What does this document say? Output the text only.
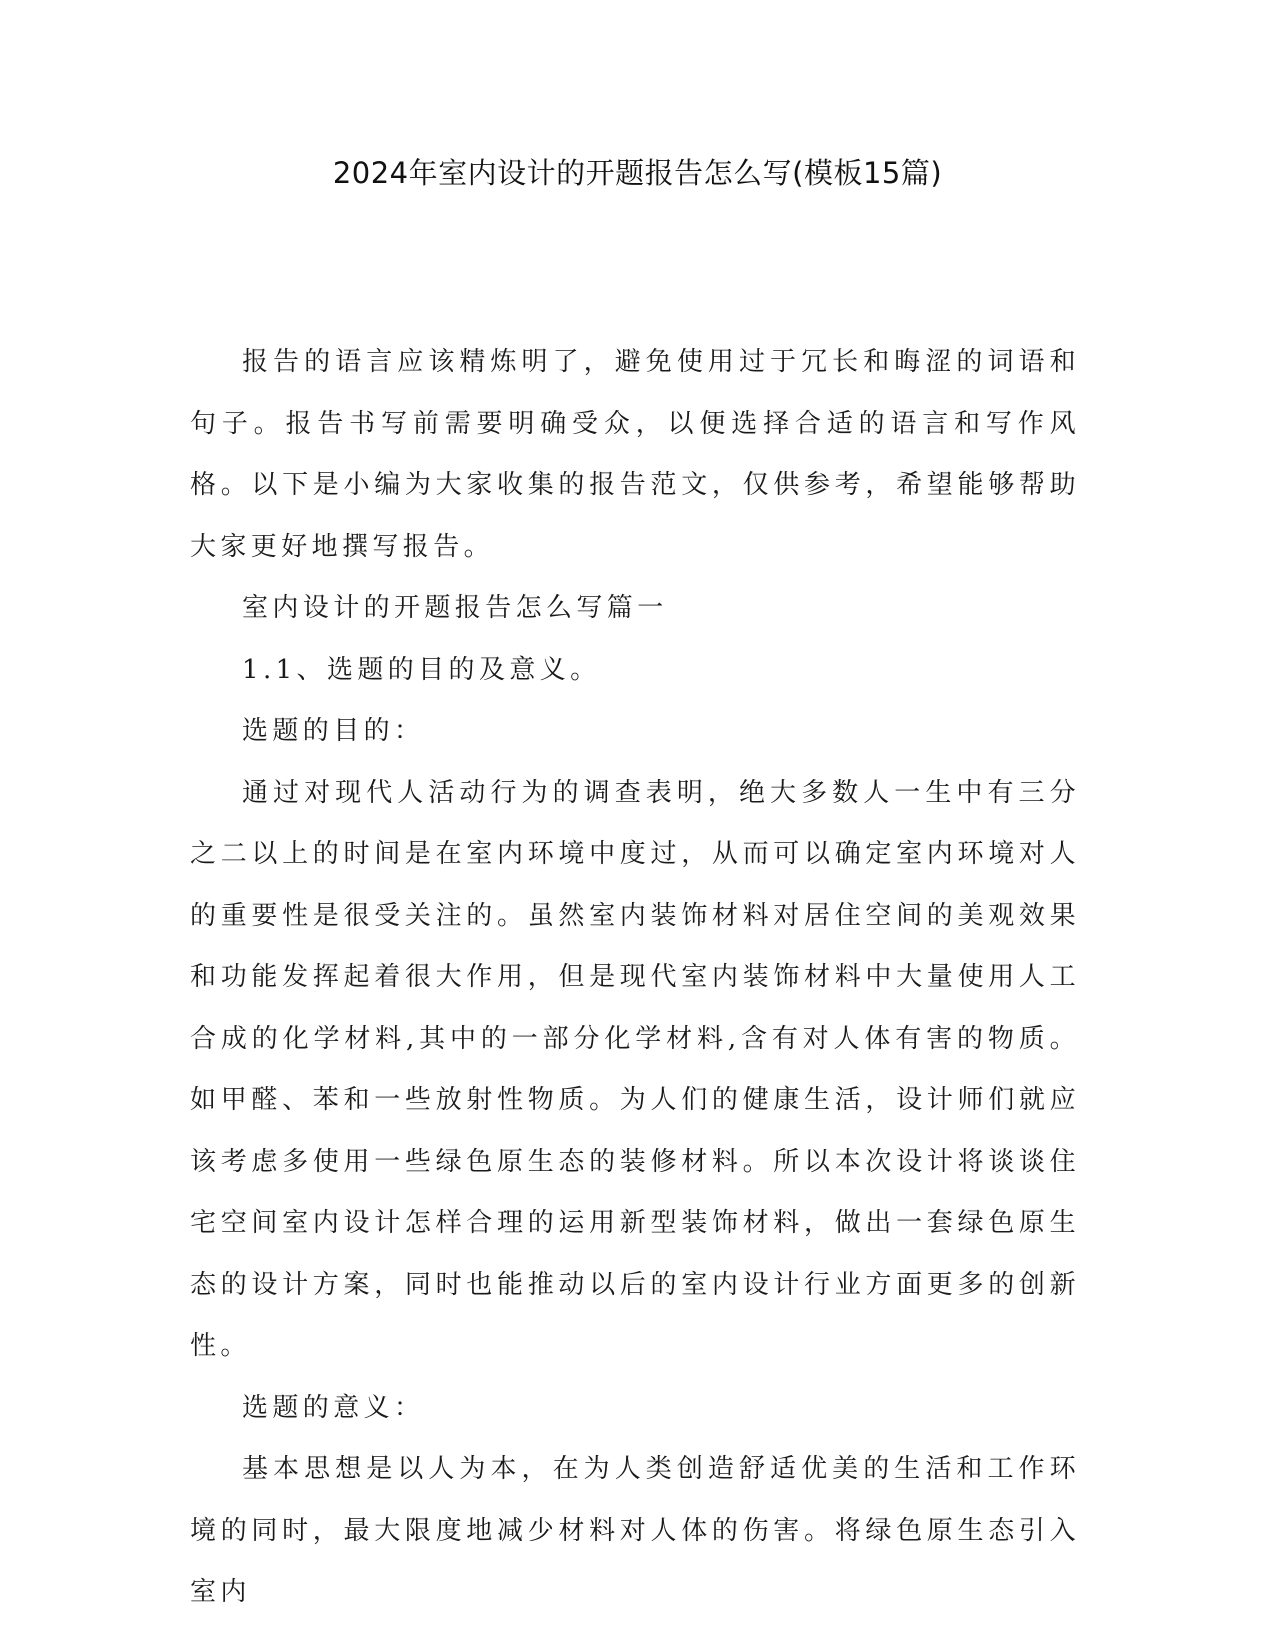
2024年室内设计的开题报告怎么写(模板15篇)

报告的语言应该精炼明了，避免使用过于冗长和晦涩的词语和句子。报告书写前需要明确受众，以便选择合适的语言和写作风格。以下是小编为大家收集的报告范文，仅供参考，希望能够帮助大家更好地撰写报告。

室内设计的开题报告怎么写篇一

1.1、选题的目的及意义。

选题的目的：

通过对现代人活动行为的调查表明，绝大多数人一生中有三分之二以上的时间是在室内环境中度过，从而可以确定室内环境对人的重要性是很受关注的。虽然室内装饰材料对居住空间的美观效果和功能发挥起着很大作用，但是现代室内装饰材料中大量使用人工合成的化学材料,其中的一部分化学材料,含有对人体有害的物质。如甲醛、苯和一些放射性物质。为人们的健康生活，设计师们就应该考虑多使用一些绿色原生态的装修材料。所以本次设计将谈谈住宅空间室内设计怎样合理的运用新型装饰材料，做出一套绿色原生态的设计方案，同时也能推动以后的室内设计行业方面更多的创新性。

选题的意义：

基本思想是以人为本，在为人类创造舒适优美的生活和工作环境的同时，最大限度地减少材料对人体的伤害。将绿色原生态引入室内
